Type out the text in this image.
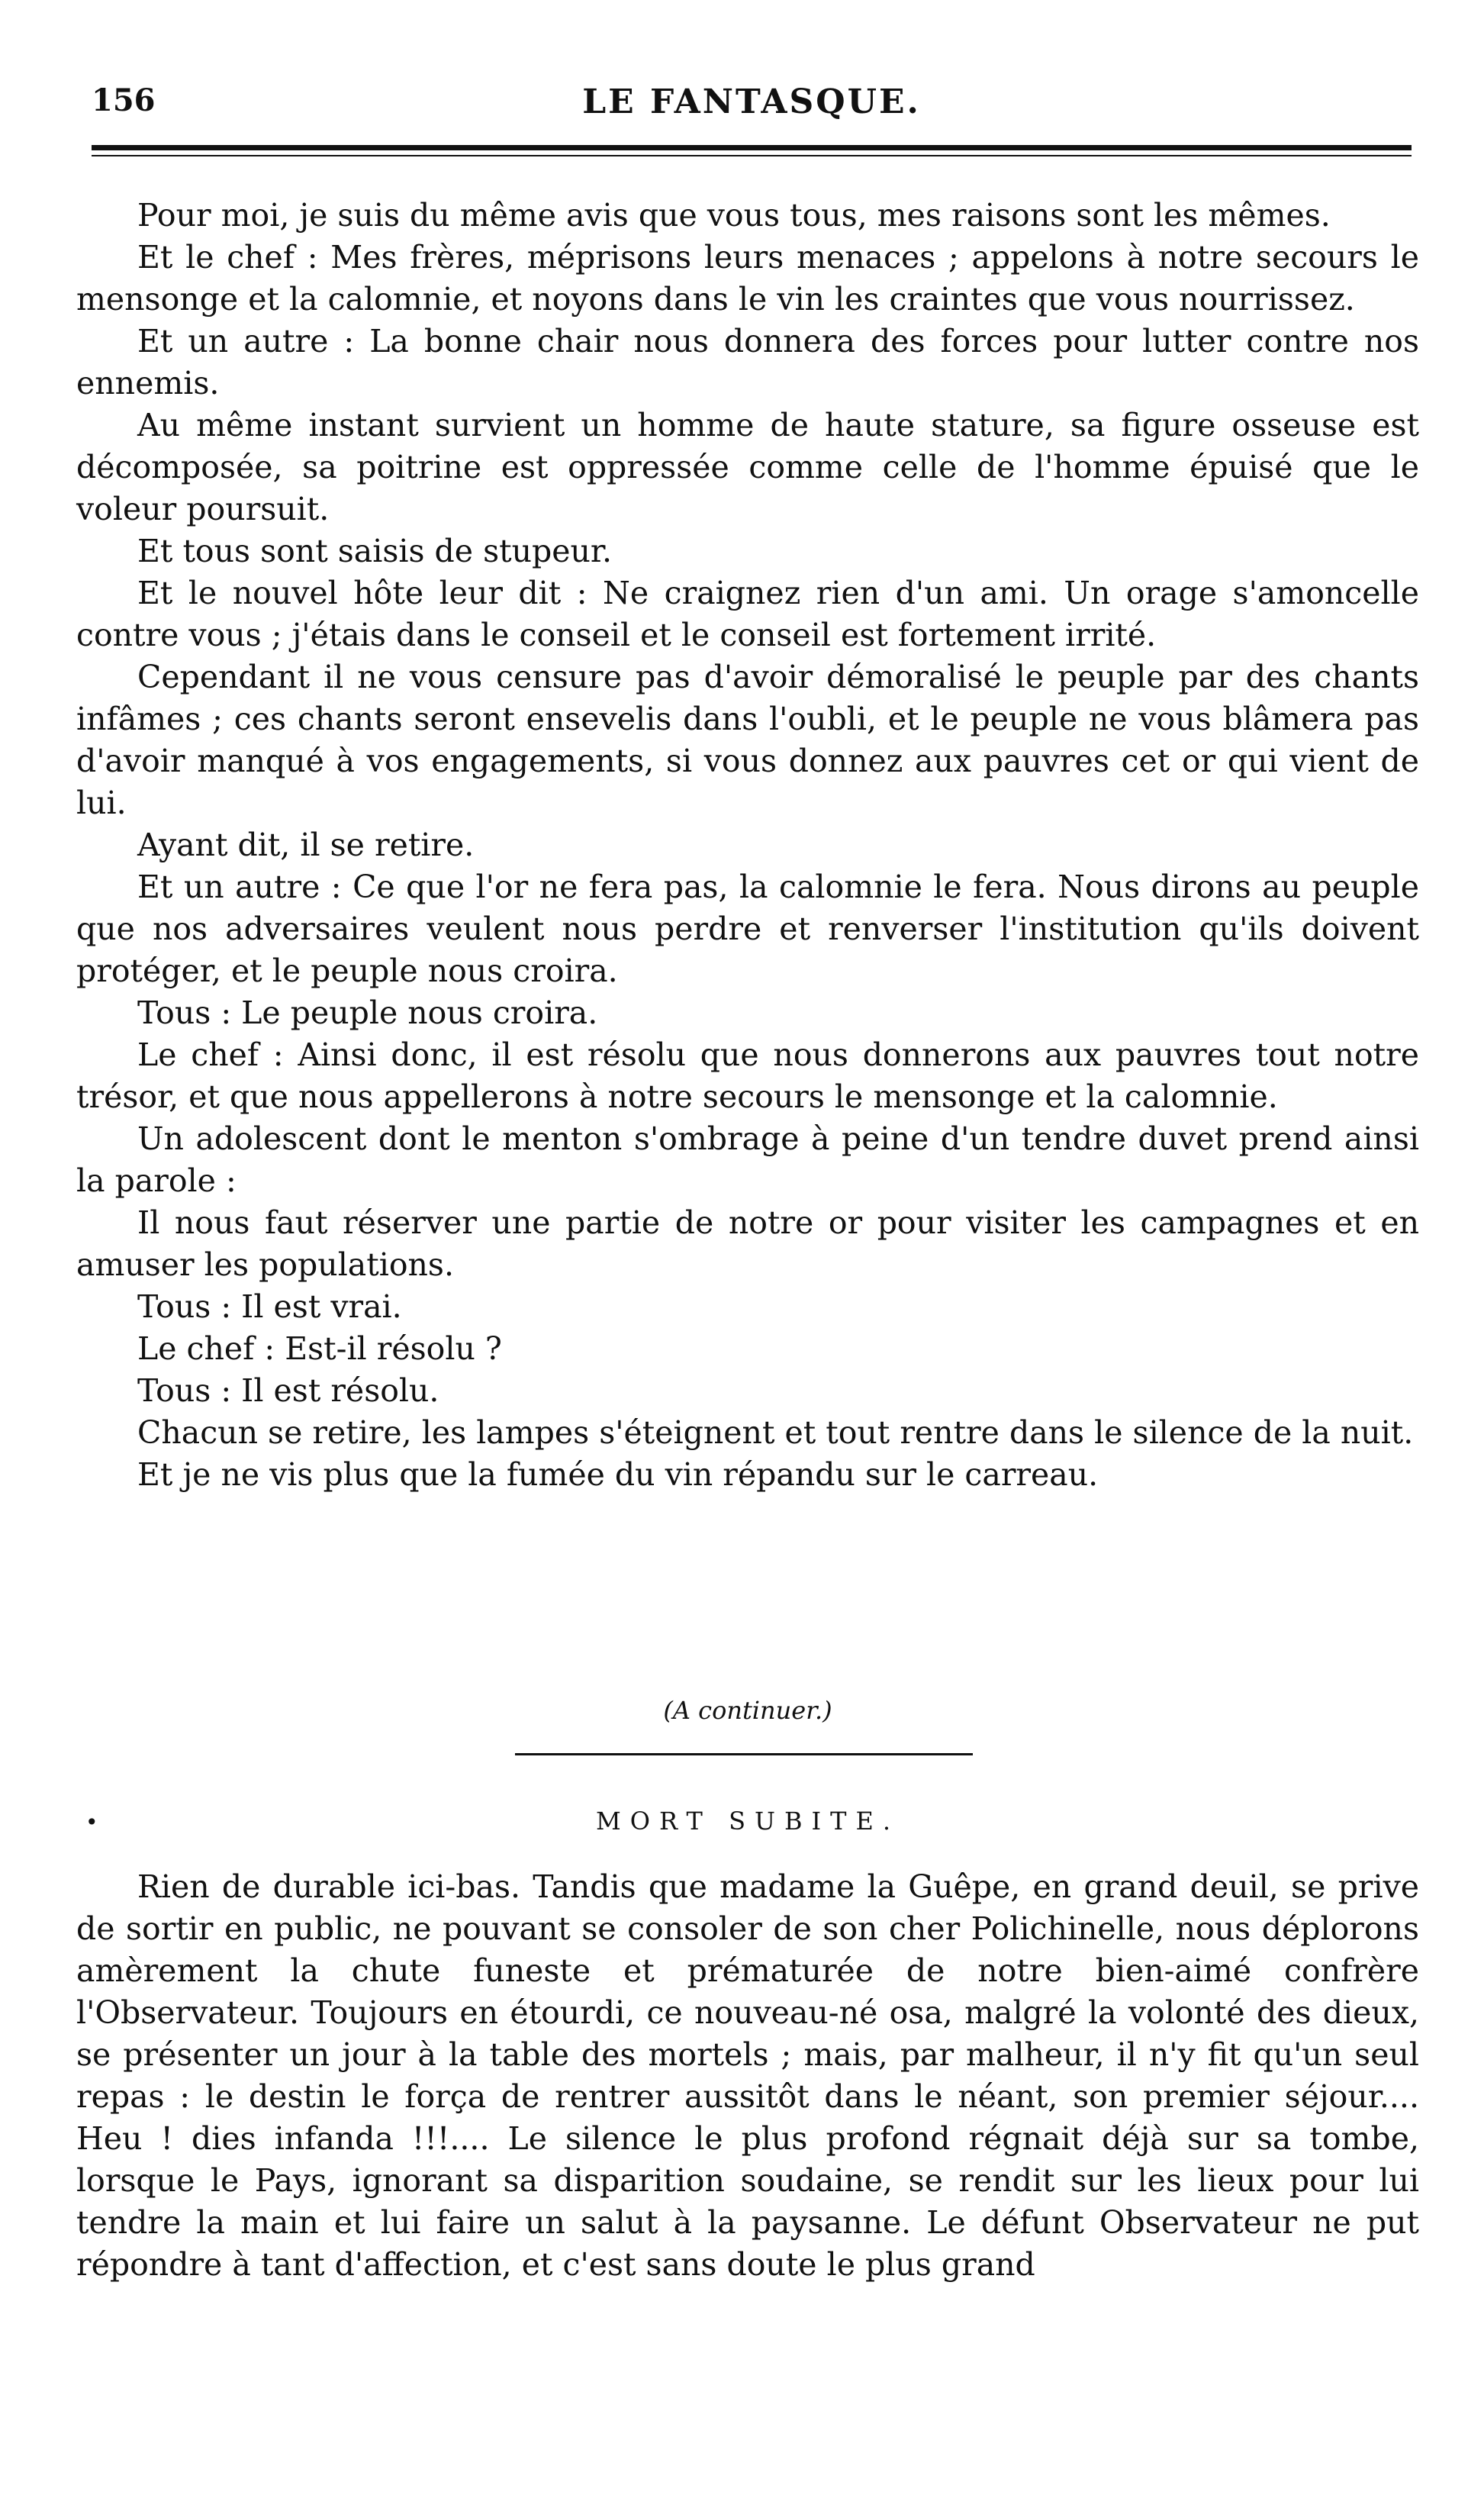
156	LE FANTASQUE.

Pour moi, je suis du même avis que vous tous, mes raisons sont les mêmes.

Et le chef : Mes frères, méprisons leurs menaces ; appelons à notre secours le mensonge et la calomnie, et noyons dans le vin les craintes que vous nourrissez.

Et un autre : La bonne chair nous donnera des forces pour lutter contre nos ennemis.

Au même instant survient un homme de haute stature, sa figure osseuse est décomposée, sa poitrine est oppressée comme celle de l'homme épuisé que le voleur poursuit.

Et tous sont saisis de stupeur.

Et le nouvel hôte leur dit : Ne craignez rien d'un ami. Un orage s'amoncelle contre vous ; j'étais dans le conseil et le conseil est fortement irrité.

Cependant il ne vous censure pas d'avoir démoralisé le peuple par des chants infâmes ; ces chants seront ensevelis dans l'oubli, et le peuple ne vous blâmera pas d'avoir manqué à vos engagements, si vous donnez aux pauvres cet or qui vient de lui.

Ayant dit, il se retire.

Et un autre : Ce que l'or ne fera pas, la calomnie le fera. Nous dirons au peuple que nos adversaires veulent nous perdre et renverser l'institution qu'ils doivent protéger, et le peuple nous croira.

Tous : Le peuple nous croira.

Le chef : Ainsi donc, il est résolu que nous donnerons aux pauvres tout notre trésor, et que nous appellerons à notre secours le mensonge et la calomnie.

Un adolescent dont le menton s'ombrage à peine d'un tendre duvet prend ainsi la parole :

Il nous faut réserver une partie de notre or pour visiter les campagnes et en amuser les populations.

Tous : Il est vrai.

Le chef : Est-il résolu ?

Tous : Il est résolu.

Chacun se retire, les lampes s'éteignent et tout rentre dans le silence de la nuit.

Et je ne vis plus que la fumée du vin répandu sur le carreau.

(A continuer.)
•	MORT SUBITE.

Rien de durable ici-bas. Tandis que madame la Guêpe, en grand deuil, se prive de sortir en public, ne pouvant se consoler de son cher Polichinelle, nous déplorons amèrement la chute funeste et prématurée de notre bien-aimé confrère l'Observateur. Toujours en étourdi, ce nouveau-né osa, malgré la volonté des dieux, se présenter un jour à la table des mortels ; mais, par malheur, il n'y fit qu'un seul repas : le destin le força de rentrer aussitôt dans le néant, son premier séjour.... Heu ! dies infanda !!!.... Le silence le plus profond régnait déjà sur sa tombe, lorsque le Pays, ignorant sa disparition soudaine, se rendit sur les lieux pour lui tendre la main et lui faire un salut à la paysanne. Le défunt Observateur ne put répondre à tant d'affection, et c'est sans doute le plus grand
